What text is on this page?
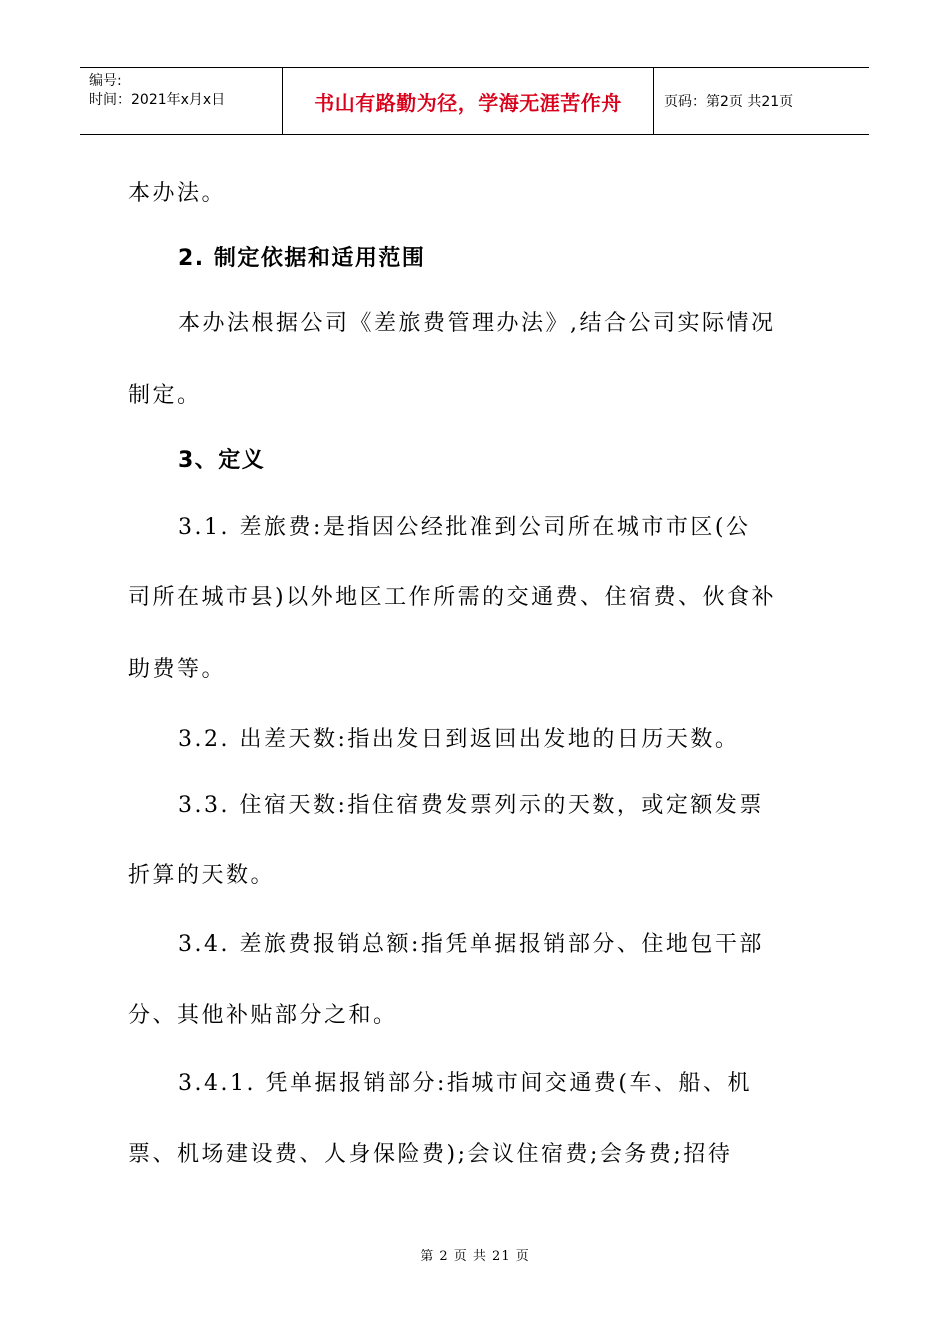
编号:
时间：2021年x月x日	书山有路勤为径，学海无涯苦作舟	页码：第2页 共21页
本办法。
2. 制定依据和适用范围
本办法根据公司《差旅费管理办法》,结合公司实际情况
制定。
3、定义
3.1. 差旅费:是指因公经批准到公司所在城市市区(公
司所在城市县)以外地区工作所需的交通费、住宿费、伙食补
助费等。
3.2. 出差天数:指出发日到返回出发地的日历天数。
3.3. 住宿天数:指住宿费发票列示的天数，或定额发票
折算的天数。
3.4. 差旅费报销总额:指凭单据报销部分、住地包干部
分、其他补贴部分之和。
3.4.1. 凭单据报销部分:指城市间交通费(车、船、机
票、机场建设费、人身保险费);会议住宿费;会务费;招待
第 2 页 共 21 页
